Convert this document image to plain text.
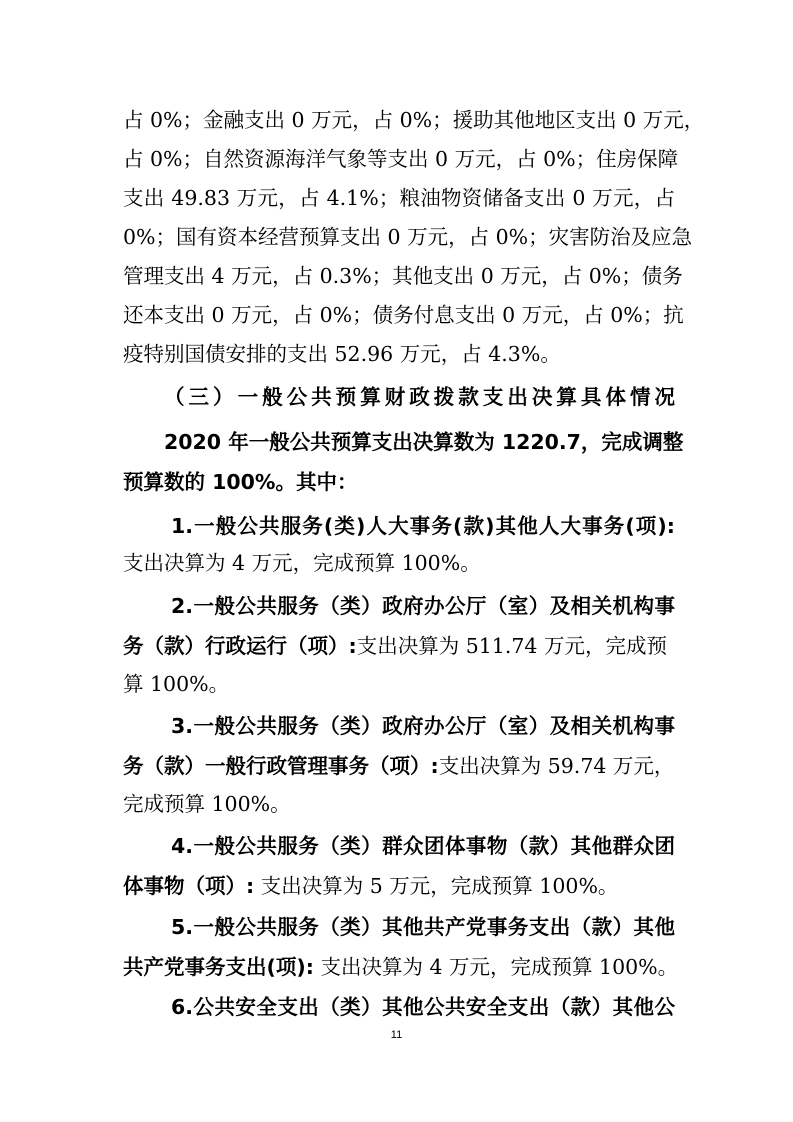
占 0%；金融支出 0 万元，占 0%；援助其他地区支出 0 万元，
占 0%；自然资源海洋气象等支出 0 万元，占 0%；住房保障
支出 49.83 万元，占 4.1%；粮油物资储备支出 0 万元，占
0%；国有资本经营预算支出 0 万元，占 0%；灾害防治及应急
管理支出 4 万元，占 0.3%；其他支出 0 万元，占 0%；债务
还本支出 0 万元，占 0%；债务付息支出 0 万元，占 0%；抗
疫特别国债安排的支出 52.96 万元，占 4.3%。
（三）一般公共预算财政拨款支出决算具体情况
2020 年一般公共预算支出决算数为 1220.7，完成调整
预算数的 100%。其中：
1.一般公共服务(类)人大事务(款)其他人大事务(项):
支出决算为 4 万元，完成预算 100%。
2.一般公共服务（类）政府办公厅（室）及相关机构事
务（款）行政运行（项）:支出决算为 511.74 万元，完成预
算 100%。
3.一般公共服务（类）政府办公厅（室）及相关机构事
务（款）一般行政管理事务（项）:支出决算为 59.74 万元，
完成预算 100%。
4.一般公共服务（类）群众团体事物（款）其他群众团
体事物（项）: 支出决算为 5 万元，完成预算 100%。
5.一般公共服务（类）其他共产党事务支出（款）其他
共产党事务支出(项): 支出决算为 4 万元，完成预算 100%。
6.公共安全支出（类）其他公共安全支出（款）其他公
11
